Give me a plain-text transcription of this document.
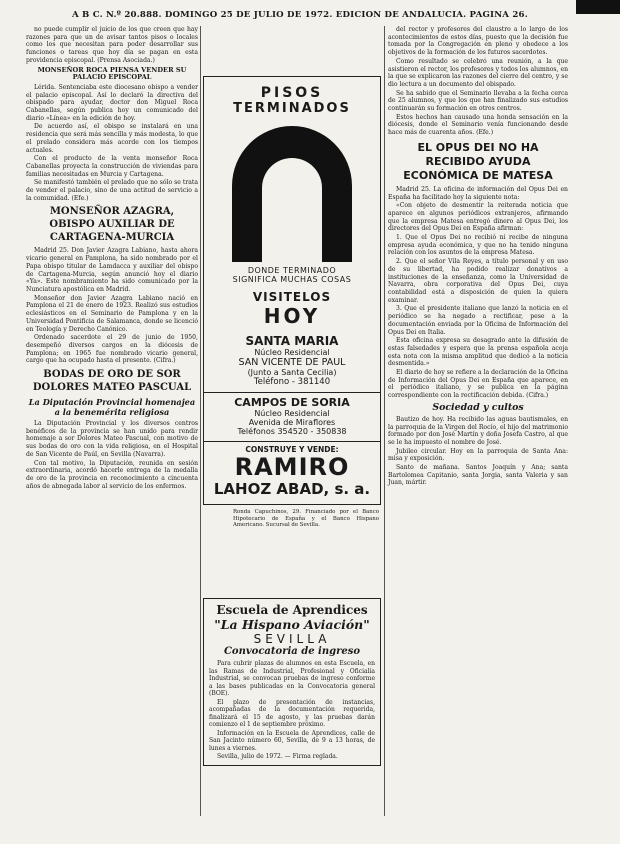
A B C. N.º 20.888. DOMINGO 25 DE JULIO DE 1972. EDICION DE ANDALUCIA. PAGINA 26.

no puede cumplir el juicio de los que creen que hay razones para que un de avisar tantos pisos o locales como los que necesitan para poder desarrollar sus funciones o tareas que hoy día se pagan en esta providencia episcopal. (Prensa Asociada.)

MONSEÑOR ROCA PIENSA VENDER SU PALACIO EPISCOPAL

Lérida. Sentenciaba este diocesano obispo a vender el palacio episcopal. Así lo declaró la directiva del obispado para ayudar, doctor don Miguel Roca Cabanellas, según publica hoy un comunicado del diario «Línea» en la edición de hoy.

De acuerdo así, el obispo se instalará en una residencia que será más sencilla y más modesta, lo que el prelado considera más acorde con los tiempos actuales.

Con el producto de la venta monseñor Roca Cabanellas proyecta la construcción de viviendas para familias necesitadas en Murcia y Cartagena.

Se manifestó también el prelado que no sólo se trata de vender el palacio, sino de una actitud de servicio a la comunidad. (Efe.)

MONSEÑOR AZAGRA, OBISPO AUXILIAR DE CARTAGENA-MURCIA

Madrid 25. Don Javier Azagra Labiano, hasta ahora vicario general en Pamplona, ha sido nombrado por el Papa obispo titular de Lamdacca y auxiliar del obispo de Cartagena-Murcia, según anunció hoy el diario «Ya». Este nombramiento ha sido comunicado por la Nunciatura apostólica en Madrid.

Monseñor don Javier Azagra Labiano nació en Pamplona el 21 de enero de 1923. Realizó sus estudios eclesiásticos en el Seminario de Pamplona y en la Universidad Pontificia de Salamanca, donde se licenció en Teología y Derecho Canónico.

Ordenado sacerdote el 29 de junio de 1950, desempeñó diversos cargos en la diócesis de Pamplona; en 1965 fue nombrado vicario general, cargo que ha ocupado hasta el presente. (Cifra.)

BODAS DE ORO DE SOR DOLORES MATEO PASCUAL
La Diputación Provincial homenajea a la benemérita religiosa

La Diputación Provincial y los diversos centros benéficos de la provincia se han unido para rendir homenaje a sor Dolores Mateo Pascual, con motivo de sus bodas de oro con la vida religiosa, en el Hospital de San Vicente de Paúl, en Sevilla (Navarra).

Con tal motivo, la Diputación, reunida en sesión extraordinaria, acordó hacerle entrega de la medalla de oro de la provincia en reconocimiento a cincuenta años de abnegada labor al servicio de los enfermos.

PISOS
TERMINADOS
DONDE TERMINADO
SIGNIFICA MUCHAS COSAS
VISITELOS
HOY
SANTA MARIA
Núcleo Residencial
SAN VICENTE DE PAUL
(Junto a Santa Cecilia)
Teléfono - 381140
CAMPOS DE SORIA
Núcleo Residencial
Avenida de Miraflores
Teléfonos 354520 - 350838
CONSTRUYE Y VENDE:
RAMIRO
LAHOZ ABAD, s. a.
Ronda Capuchinos, 29. Financiado por el Banco Hipotecario de España y el Banco Hispano Americano. Sucursal de Sevilla.
Escuela de Aprendices
"La Hispano Aviación"
SEVILLA
Convocatoria de ingreso

Para cubrir plazas de alumnos en esta Escuela, en las Ramas de Industrial, Profesional y Oficialía Industrial, se convocan pruebas de ingreso conforme a las bases publicadas en la Convocatoria general (BOE).

El plazo de presentación de instancias, acompañadas de la documentación requerida, finalizará el 15 de agosto, y las pruebas darán comienzo el 1 de septiembre próximo.

Información en la Escuela de Aprendices, calle de San Jacinto número 60, Sevilla, de 9 a 13 horas, de lunes a viernes.

Sevilla, julio de 1972. — Firma reglada.

del rector y profesores del claustro a lo largo de los acontecimientos de estos días, puesto que la decisión fue tomada por la Congregación en pleno y obedece a los objetivos de la formación de los futuros sacerdotes.

Como resultado se celebró una reunión, a la que asistieron el rector, los profesores y todos los alumnos, en la que se explicaron las razones del cierre del centro, y se dio lectura a un documento del obispado.

Se ha sabido que el Seminario llevaba a la fecha cerca de 25 alumnos, y que los que han finalizado sus estudios continuarán su formación en otros centros.

Estos hechos han causado una honda sensación en la diócesis, donde el Seminario venía funcionando desde hace más de cuarenta años. (Efe.)

EL OPUS DEI NO HA RECIBIDO AYUDA ECONÓMICA DE MATESA

Madrid 25. La oficina de información del Opus Dei en España ha facilitado hoy la siguiente nota:

«Con objeto de desmentir la reiterada noticia que aparece en algunos periódicos extranjeros, afirmando que la empresa Matesa entregó dinero al Opus Dei, los directores del Opus Dei en España afirman:

1. Que el Opus Dei no recibió ni recibe de ninguna empresa ayuda económica, y que no ha tenido ninguna relación con los asuntos de la empresa Matesa.

2. Que el señor Vila Reyes, a título personal y en uso de su libertad, ha podido realizar donativos a instituciones de la enseñanza, como la Universidad de Navarra, obra corporativa del Opus Dei, cuya contabilidad está a disposición de quien la quiera examinar.

3. Que el presidente italiano que lanzó la noticia en el periódico se ha negado a rectificar, pese a la documentación enviada por la Oficina de Información del Opus Dei en Italia.

Esta oficina expresa su desagrado ante la difusión de estas falsedades y espera que la prensa española acoja esta nota con la misma amplitud que dedicó a la noticia desmentida.»

El diario de hoy se refiere a la declaración de la Oficina de Información del Opus Dei en España que aparece, en el periódico italiano, y se publica en la página correspondiente con la rectificación debida. (Cifra.)

Sociedad y cultos

Bautizo de hoy. Ha recibido las aguas bautismales, en la parroquia de la Virgen del Rocío, el hijo del matrimonio formado por don José Martín y doña Josefa Castro, al que se le ha impuesto el nombre de José.

Jubileo circular. Hoy en la parroquia de Santa Ana: misa y exposición.

Santo de mañana. Santos Joaquín y Ana; santa Bartolomea Capitanio, santa Jorgia, santa Valeria y san Juan, mártir.
